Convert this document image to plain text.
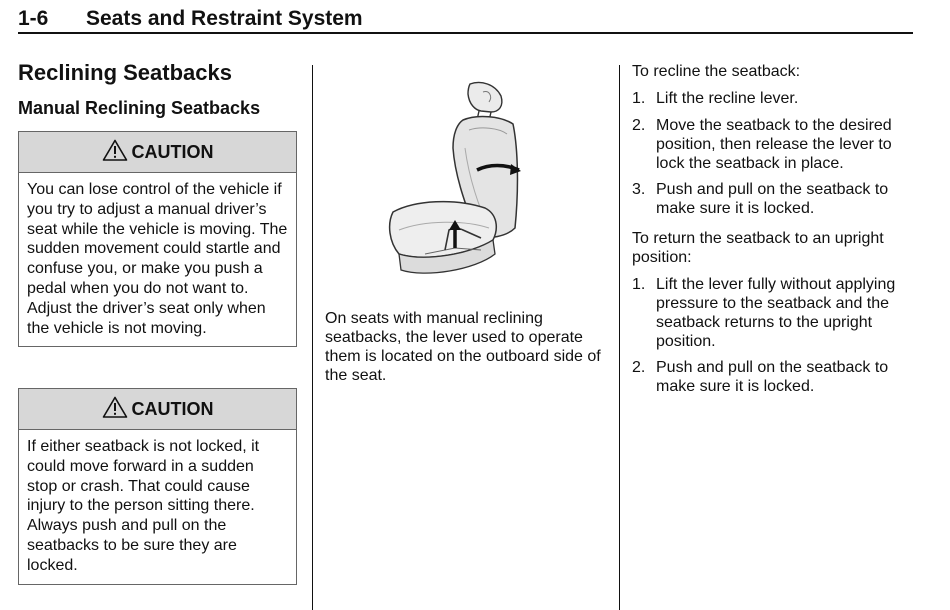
1-6 Seats and Restraint System
Reclining Seatbacks
Manual Reclining Seatbacks
CAUTION
You can lose control of the vehicle if you try to adjust a manual driver’s seat while the vehicle is moving. The sudden movement could startle and confuse you, or make you push a pedal when you do not want to. Adjust the driver’s seat only when the vehicle is not moving.
CAUTION
If either seatback is not locked, it could move forward in a sudden stop or crash. That could cause injury to the person sitting there. Always push and pull on the seatbacks to be sure they are locked.
On seats with manual reclining seatbacks, the lever used to operate them is located on the outboard side of the seat.

To recline the seatback:

1. Lift the recline lever.
2. Move the seatback to the desired position, then release the lever to lock the seatback in place.
3. Push and pull on the seatback to make sure it is locked.

To return the seatback to an upright position:

1. Lift the lever fully without applying pressure to the seatback and the seatback returns to the upright position.
2. Push and pull on the seatback to make sure it is locked.
